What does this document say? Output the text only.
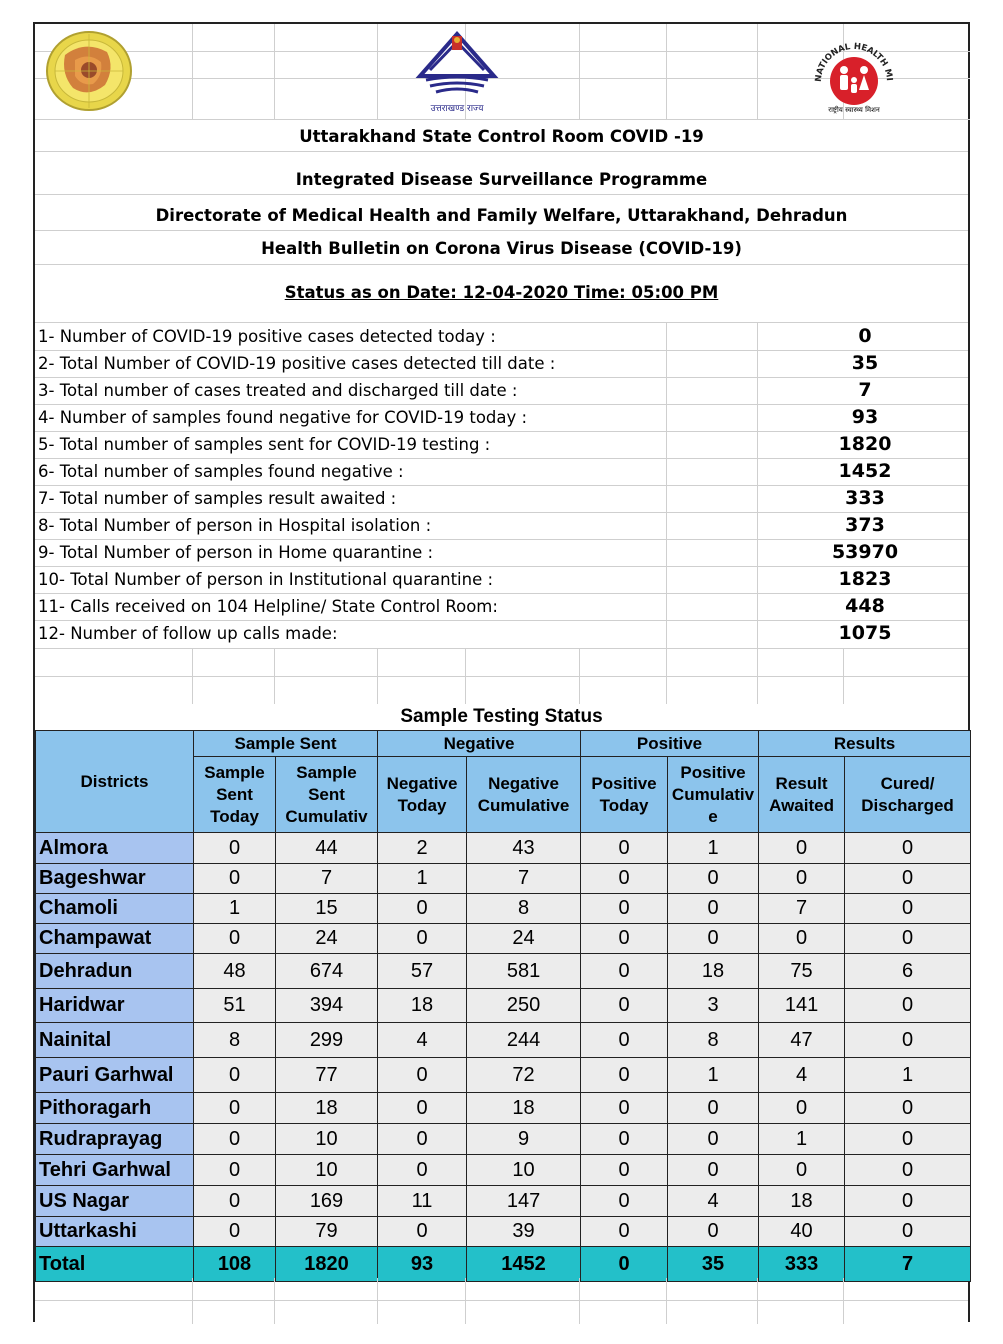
उत्तराखण्ड राज्य
NATIONAL HEALTH MI
राष्ट्रीय स्वास्थ्य मिशन
Uttarakhand State Control Room COVID -19
Integrated Disease Surveillance Programme
Directorate of Medical Health and Family Welfare, Uttarakhand, Dehradun
Health Bulletin on Corona Virus Disease (COVID-19)
Status as on Date: 12-04-2020 Time: 05:00 PM
1- Number of COVID-19 positive cases detected today :	0
2- Total Number of COVID-19 positive cases detected till date :	35
3- Total number of cases treated and discharged till date :	7
4- Number of samples found negative for COVID-19 today :	93
5- Total number of samples sent for COVID-19 testing :	1820
6- Total number of samples found negative :	1452
7- Total number of samples result awaited :	333
8- Total Number of person in Hospital isolation :	373
9- Total Number of person in Home quarantine :	53970
10- Total Number of person in Institutional quarantine :	1823
11- Calls received on 104 Helpline/ State Control Room:	448
12- Number of follow up calls made:	1075
Sample Testing Status
Districts	Sample Sent		Negative		Positive		Results	
	Sample Sent Today	Sample Sent Cumulativ	Negative Today	Negative Cumulative	Positive Today	Positive Cumulativ e	Result Awaited	Cured/ Discharged
Almora	0	44	2	43	0	1	0	0
Bageshwar	0	7	1	7	0	0	0	0
Chamoli	1	15	0	8	0	0	7	0
Champawat	0	24	0	24	0	0	0	0
Dehradun	48	674	57	581	0	18	75	6
Haridwar	51	394	18	250	0	3	141	0
Nainital	8	299	4	244	0	8	47	0
Pauri Garhwal	0	77	0	72	0	1	4	1
Pithoragarh	0	18	0	18	0	0	0	0
Rudraprayag	0	10	0	9	0	0	1	0
Tehri Garhwal	0	10	0	10	0	0	0	0
US Nagar	0	169	11	147	0	4	18	0
Uttarkashi	0	79	0	39	0	0	40	0
Total	108	1820	93	1452	0	35	333	7
